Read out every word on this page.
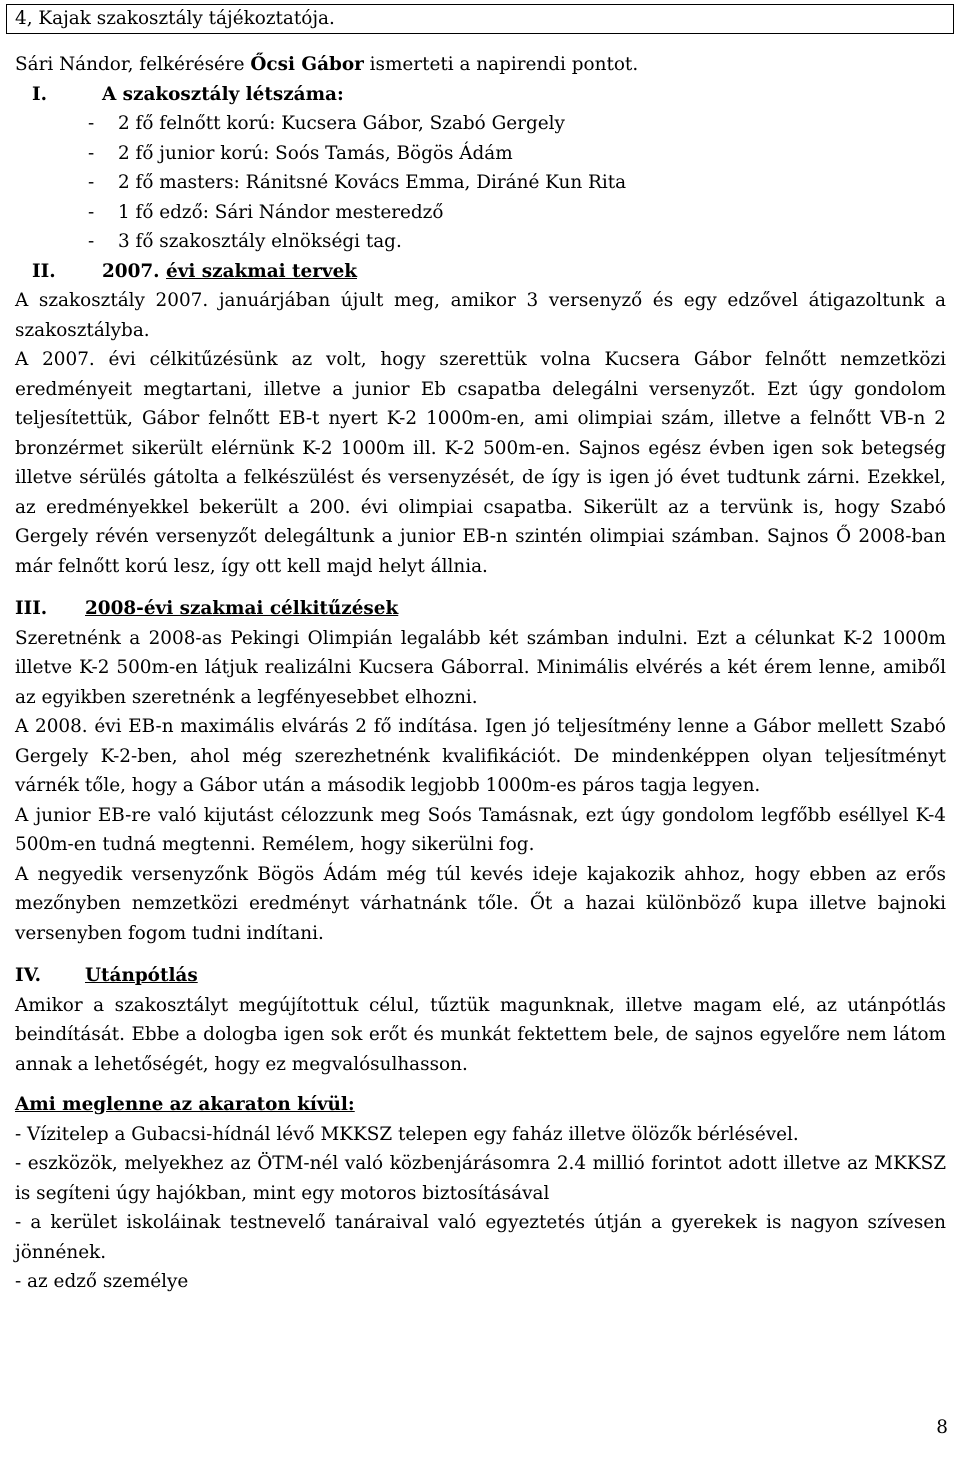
4, Kajak szakosztály tájékoztatója.

Sári Nándor, felkérésére Őcsi Gábor ismerteti a napirendi pontot.

I.	A szakosztály létszáma:

- 2 fő felnőtt korú: Kucsera Gábor, Szabó Gergely

- 2 fő junior korú: Soós Tamás, Bögös Ádám

- 2 fő masters: Ránitsné Kovács Emma, Diráné Kun Rita

- 1 fő edző: Sári Nándor mesteredző

- 3 fő szakosztály elnökségi tag.

II.	2007. évi szakmai tervek

A szakosztály 2007. januárjában újult meg, amikor 3 versenyző és egy edzővel átigazoltunk a szakosztályba.

A 2007. évi célkitűzésünk az volt, hogy szerettük volna Kucsera Gábor felnőtt nemzetközi eredményeit megtartani, illetve a junior Eb csapatba delegálni versenyzőt. Ezt úgy gondolom teljesítettük, Gábor felnőtt EB-t nyert K-2 1000m-en, ami olimpiai szám, illetve a felnőtt VB-n 2 bronzérmet sikerült elérnünk K-2 1000m ill. K-2 500m-en. Sajnos egész évben igen sok betegség illetve sérülés gátolta a felkészülést és versenyzését, de így is igen jó évet tudtunk zárni. Ezekkel, az eredményekkel bekerült a 200. évi olimpiai csapatba. Sikerült az a tervünk is, hogy Szabó Gergely révén versenyzőt delegáltunk a junior EB-n szintén olimpiai számban. Sajnos Ő 2008-ban már felnőtt korú lesz, így ott kell majd helyt állnia.

III. 2008-évi szakmai célkitűzések

Szeretnénk a 2008-as Pekingi Olimpián legalább két számban indulni. Ezt a célunkat K-2 1000m illetve K-2 500m-en látjuk realizálni Kucsera Gáborral. Minimális elvérés a két érem lenne, amiből az egyikben szeretnénk a legfényesebbet elhozni.

A 2008. évi EB-n maximális elvárás 2 fő indítása. Igen jó teljesítmény lenne a Gábor mellett Szabó Gergely K-2-ben, ahol még szerezhetnénk kvalifikációt. De mindenképpen olyan teljesítményt várnék tőle, hogy a Gábor után a második legjobb 1000m-es páros tagja legyen.

A junior EB-re való kijutást célozzunk meg Soós Tamásnak, ezt úgy gondolom legfőbb eséllyel K-4 500m-en tudná megtenni. Remélem, hogy sikerülni fog.

A negyedik versenyzőnk Bögös Ádám még túl kevés ideje kajakozik ahhoz, hogy ebben az erős mezőnyben nemzetközi eredményt várhatnánk tőle. Őt a hazai különböző kupa illetve bajnoki versenyben fogom tudni indítani.

IV. Utánpótlás

Amikor a szakosztályt megújítottuk célul, tűztük magunknak, illetve magam elé, az utánpótlás beindítását. Ebbe a dologba igen sok erőt és munkát fektettem bele, de sajnos egyelőre nem látom annak a lehetőségét, hogy ez megvalósulhasson.

Ami meglenne az akaraton kívül:

- Vízitelep a Gubacsi-hídnál lévő MKKSZ telepen egy faház illetve ölözők bérlésével.

- eszközök, melyekhez az ÖTM-nél való közbenjárásomra 2.4 millió forintot adott illetve az MKKSZ is segíteni úgy hajókban, mint egy motoros biztosításával

- a kerület iskoláinak testnevelő tanáraival való egyeztetés útján a gyerekek is nagyon szívesen jönnének.

- az edző személye

8
